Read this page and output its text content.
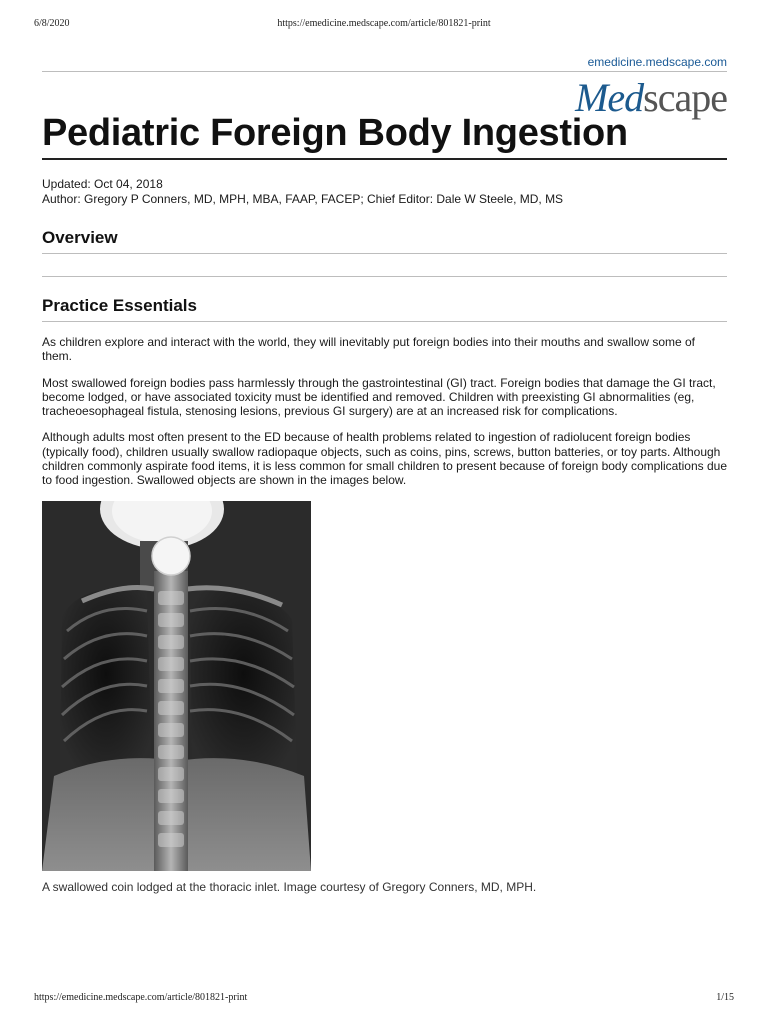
6/8/2020	https://emedicine.medscape.com/article/801821-print
emedicine.medscape.com
Medscape
Pediatric Foreign Body Ingestion
Updated: Oct 04, 2018
Author: Gregory P Conners, MD, MPH, MBA, FAAP, FACEP; Chief Editor: Dale W Steele, MD, MS
Overview
Practice Essentials

As children explore and interact with the world, they will inevitably put foreign bodies into their mouths and swallow some of them.

Most swallowed foreign bodies pass harmlessly through the gastrointestinal (GI) tract. Foreign bodies that damage the GI tract, become lodged, or have associated toxicity must be identified and removed. Children with preexisting GI abnormalities (eg, tracheoesophageal fistula, stenosing lesions, previous GI surgery) are at an increased risk for complications.

Although adults most often present to the ED because of health problems related to ingestion of radiolucent foreign bodies (typically food), children usually swallow radiopaque objects, such as coins, pins, screws, button batteries, or toy parts. Although children commonly aspirate food items, it is less common for small children to present because of foreign body complications due to food ingestion. Swallowed objects are shown in the images below.

A swallowed coin lodged at the thoracic inlet. Image courtesy of Gregory Conners, MD, MPH.
https://emedicine.medscape.com/article/801821-print	1/15
